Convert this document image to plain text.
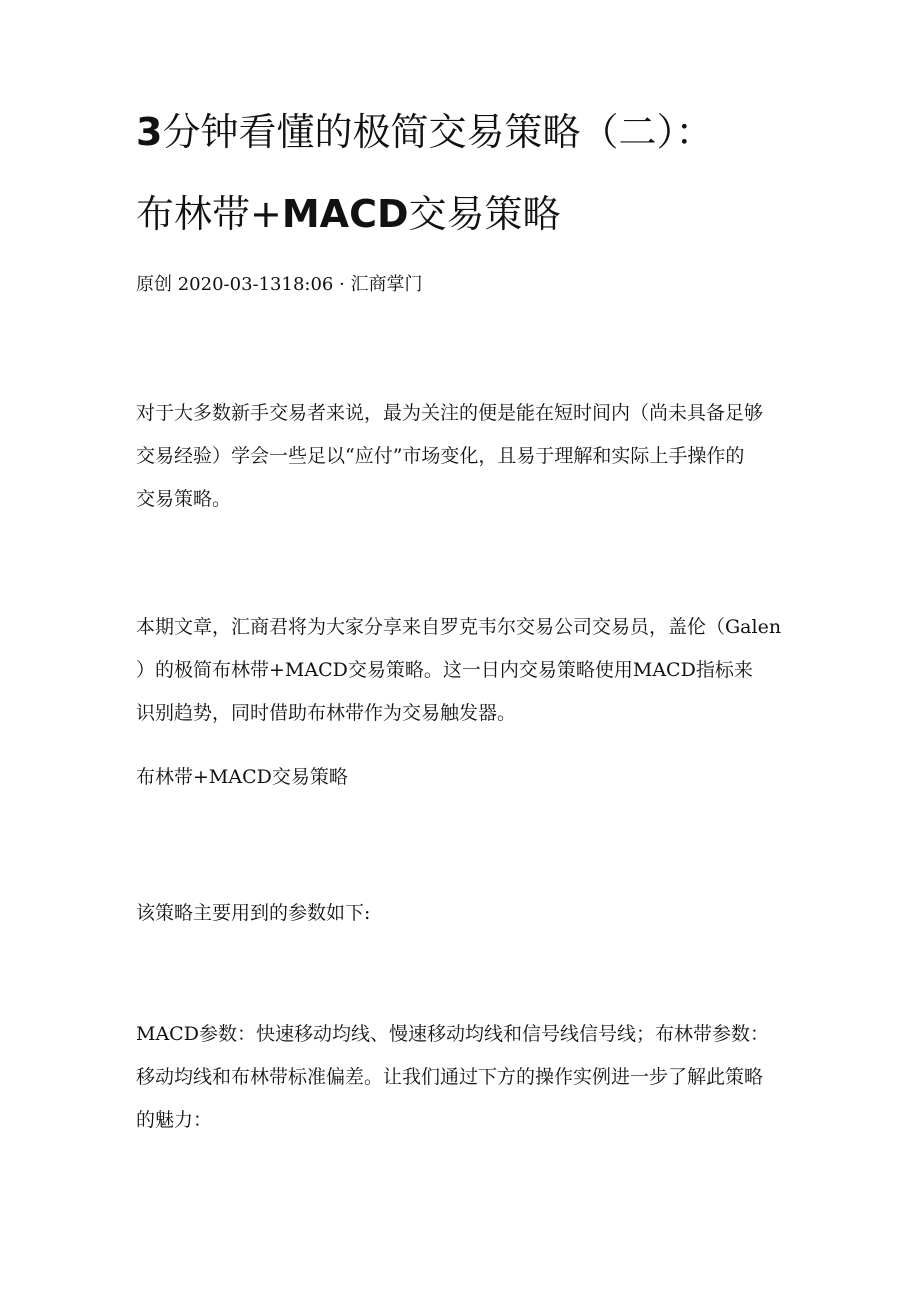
3分钟看懂的极简交易策略（二）：
布林带+MACD交易策略
原创 2020-03-1318:06 · 汇商掌门
对于大多数新手交易者来说，最为关注的便是能在短时间内（尚未具备足够
交易经验）学会一些足以“应付”市场变化，且易于理解和实际上手操作的
交易策略。
本期文章，汇商君将为大家分享来自罗克韦尔交易公司交易员，盖伦（Galen
）的极简布林带+MACD交易策略。这一日内交易策略使用MACD指标来
识别趋势，同时借助布林带作为交易触发器。
布林带+MACD交易策略
该策略主要用到的参数如下:
MACD参数：快速移动均线、慢速移动均线和信号线信号线；布林带参数：
移动均线和布林带标准偏差。让我们通过下方的操作实例进一步了解此策略
的魅力：
